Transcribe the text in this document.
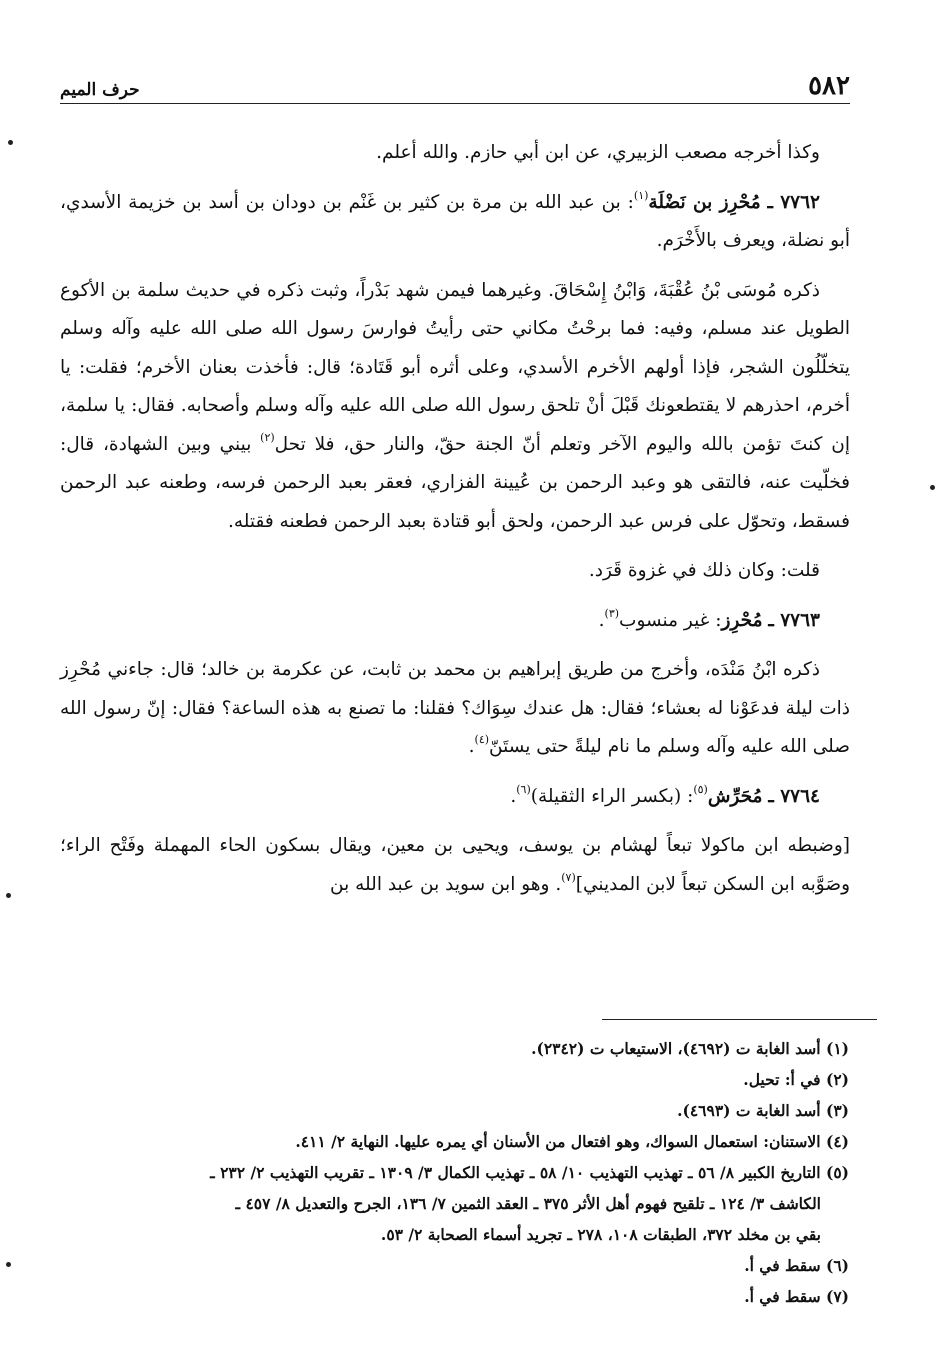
٥٨٢
حرف الميم

وكذا أخرجه مصعب الزبيري، عن ابن أبي حازم. والله أعلم.

٧٧٦٢ ـ مُحْرِز بن نَضْلَة$^{(١)}$: بن عبد الله بن مرة بن كثير بن غَنْم بن دودان بن أسد بن خزيمة الأسدي، أبو نضلة، ويعرف بالأَخْرَم.

ذكره مُوسَى بْنُ عُقْبَةَ، وَابْنُ إِسْحَاقَ. وغيرهما فيمن شهد بَدْراً، وثبت ذكره في حديث سلمة بن الأكوع الطويل عند مسلم، وفيه: فما برحْتُ مكاني حتى رأيتُ فوارسَ رسول الله صلى الله عليه وآله وسلم يتخلّلُون الشجر، فإذا أولهم الأخرم الأسدي، وعلى أثره أبو قَتَادة؛ قال: فأخذت بعنان الأخرم؛ فقلت: يا أخرم، احذرهم لا يقتطعونك قَبْلَ أنْ تلحق رسول الله صلى الله عليه وآله وسلم وأصحابه. فقال: يا سلمة، إن كنتَ تؤمن بالله واليوم الآخر وتعلم أنّ الجنة حقّ، والنار حق، فلا تحل$^{(٢)}$ بيني وبين الشهادة، قال: فخلّيت عنه، فالتقى هو وعبد الرحمن بن عُيينة الفزاري، فعقر بعبد الرحمن فرسه، وطعنه عبد الرحمن فسقط، وتحوّل على فرس عبد الرحمن، ولحق أبو قتادة بعبد الرحمن فطعنه فقتله.

قلت: وكان ذلك في غزوة قَرَد.

٧٧٦٣ ـ مُحْرِز: غير منسوب$^{(٣)}$.

ذكره ابْنُ مَنْدَه، وأخرج من طريق إبراهيم بن محمد بن ثابت، عن عكرمة بن خالد؛ قال: جاءني مُحْرِز ذات ليلة فدعَوْنا له بعشاء؛ فقال: هل عندك سِوَاك؟ فقلنا: ما تصنع به هذه الساعة؟ فقال: إنّ رسول الله صلى الله عليه وآله وسلم ما نام ليلةً حتى يستَنّ$^{(٤)}$.

٧٧٦٤ ـ مُحَرِّش$^{(٥)}$: (بكسر الراء الثقيلة)$^{(٦)}$.

[وضبطه ابن ماكولا تبعاً لهشام بن يوسف، ويحيى بن معين، ويقال بسكون الحاء المهملة وفَتْح الراء؛ وصَوَّبه ابن السكن تبعاً لابن المديني]$^{(٧)}$. وهو ابن سويد بن عبد الله بن

(١) أسد الغابة ت (٤٦٩٢)، الاستيعاب ت (٢٣٤٢).
(٢) في أ: تحيل.
(٣) أسد الغابة ت (٤٦٩٣).
(٤) الاستنان: استعمال السواك، وهو افتعال من الأسنان أي يمره عليها. النهاية ٢/ ٤١١.
(٥) التاريخ الكبير ٨/ ٥٦ ـ تهذيب التهذيب ١٠/ ٥٨ ـ تهذيب الكمال ٣/ ١٣٠٩ ـ تقريب التهذيب ٢/ ٢٣٢ ـ
الكاشف ٣/ ١٢٤ ـ تلقيح فهوم أهل الأثر ٣٧٥ ـ العقد الثمين ٧/ ١٣٦، الجرح والتعديل ٨/ ٤٥٧ ـ
بقي بن مخلد ٣٧٢، الطبقات ١٠٨، ٢٧٨ ـ تجريد أسماء الصحابة ٢/ ٥٣.
(٦) سقط في أ.
(٧) سقط في أ.
